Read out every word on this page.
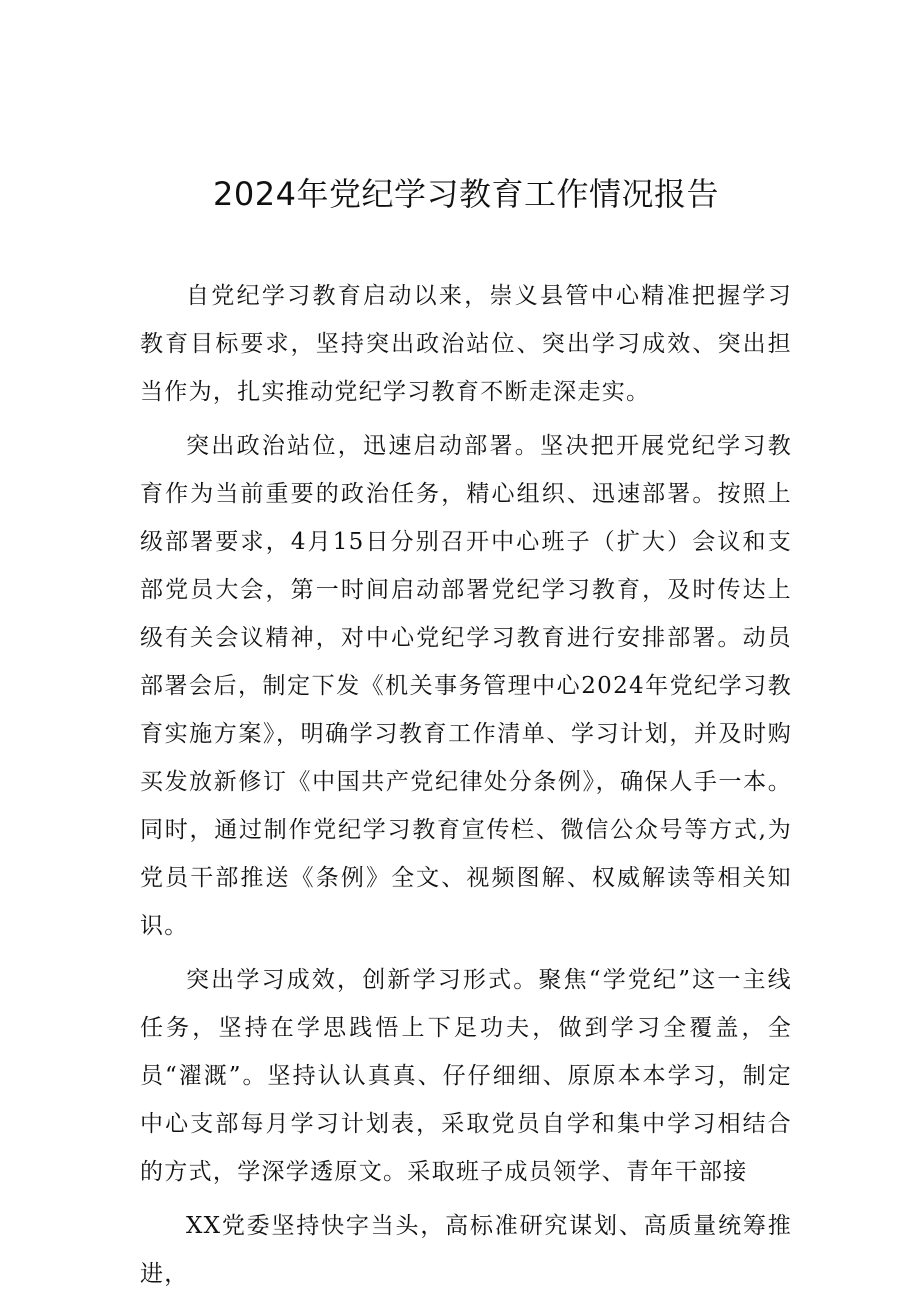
2024年党纪学习教育工作情况报告

自党纪学习教育启动以来，崇义县管中心精准把握学习教育目标要求，坚持突出政治站位、突出学习成效、突出担当作为，扎实推动党纪学习教育不断走深走实。

突出政治站位，迅速启动部署。坚决把开展党纪学习教育作为当前重要的政治任务，精心组织、迅速部署。按照上级部署要求，4月15日分别召开中心班子（扩大）会议和支部党员大会，第一时间启动部署党纪学习教育，及时传达上级有关会议精神，对中心党纪学习教育进行安排部署。动员部署会后，制定下发《机关事务管理中心2024年党纪学习教育实施方案》，明确学习教育工作清单、学习计划，并及时购买发放新修订《中国共产党纪律处分条例》，确保人手一本。同时，通过制作党纪学习教育宣传栏、微信公众号等方式,为党员干部推送《条例》全文、视频图解、权威解读等相关知识。

突出学习成效，创新学习形式。聚焦“学党纪”这一主线任务，坚持在学思践悟上下足功夫，做到学习全覆盖，全员“濯溉”。坚持认认真真、仔仔细细、原原本本学习，制定中心支部每月学习计划表，采取党员自学和集中学习相结合的方式，学深学透原文。采取班子成员领学、青年干部接

XX党委坚持快字当头，高标准研究谋划、高质量统筹推进，
